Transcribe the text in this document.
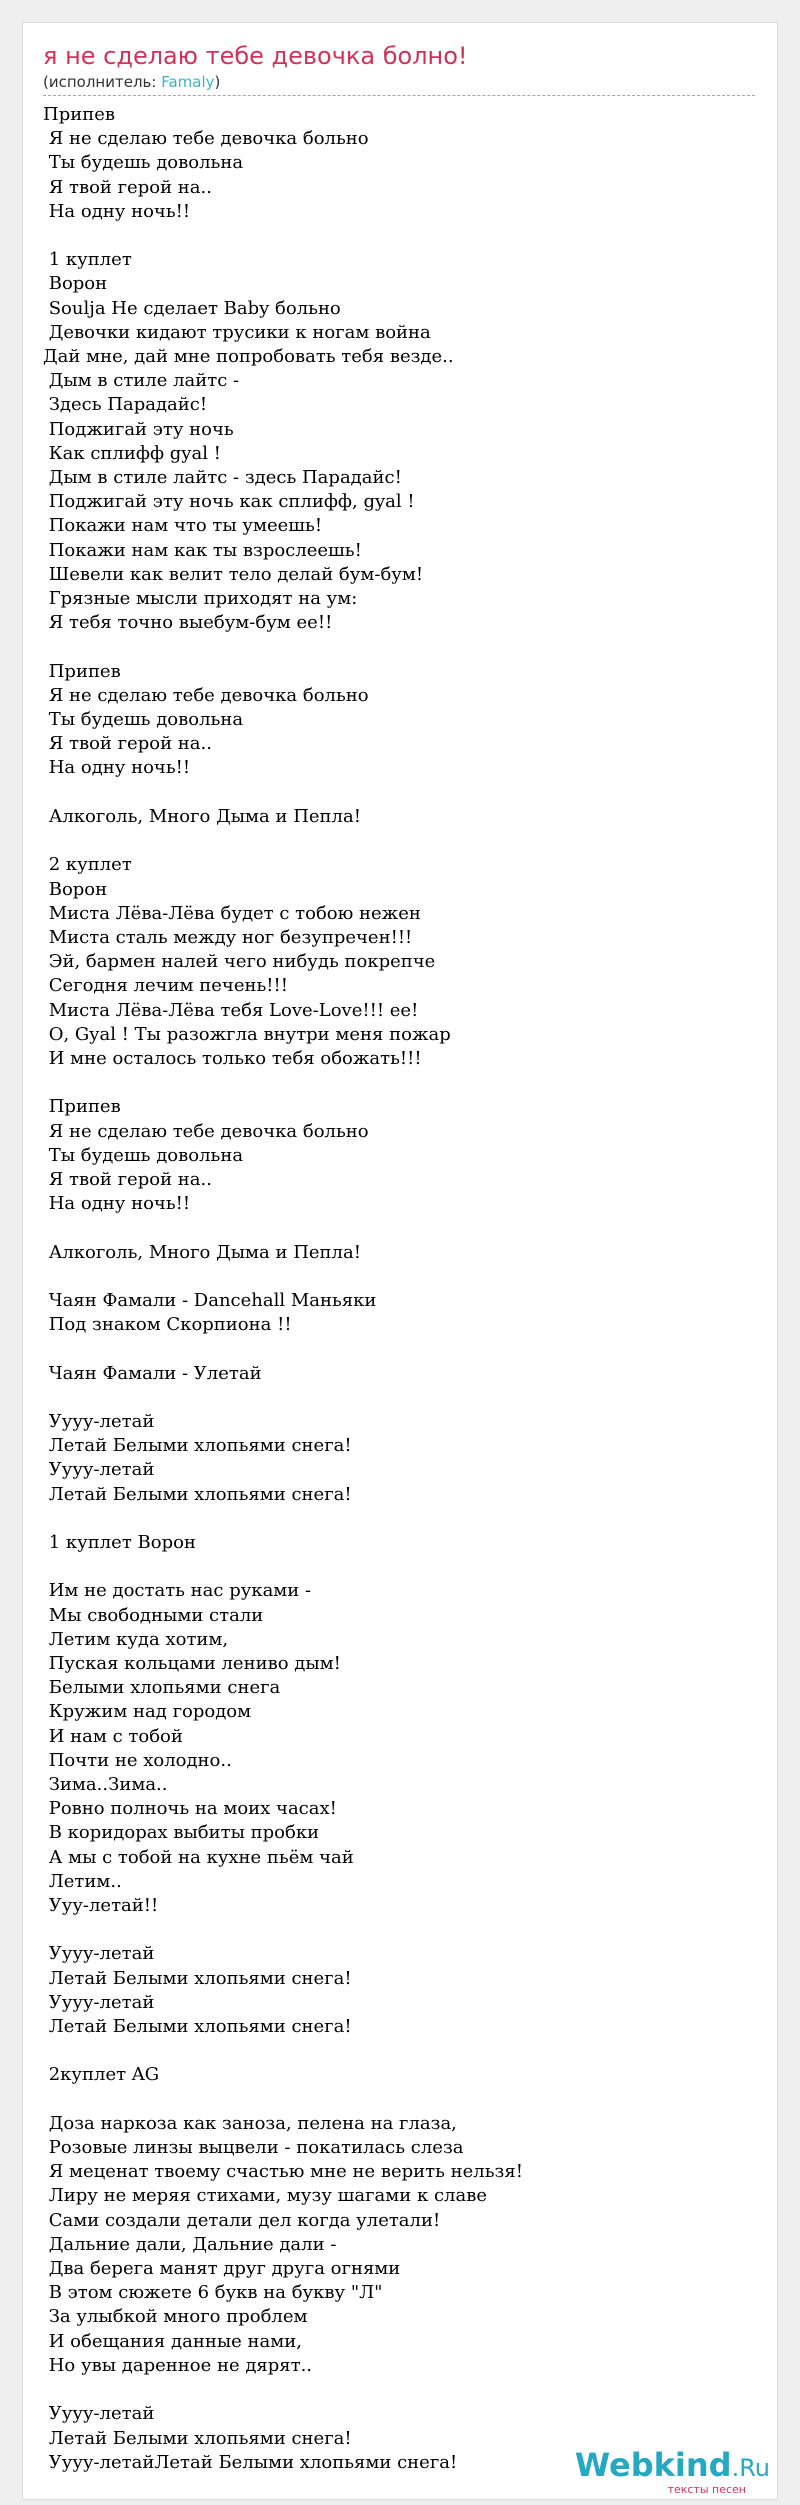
я не сделаю тебе девочка болно!
(исполнитель: Famaly)
Припев
Я не сделаю тебе девочка больно
Ты будешь довольна
Я твой герой на..
На одну ночь!!

1 куплет
Ворон
Soulja Не сделает Baby больно
Девочки кидают трусики к ногам война
Дай мне, дай мне попробовать тебя везде..
Дым в стиле лайтс -
Здесь Парадайс!
Поджигай эту ночь
Как сплифф gyal !
Дым в стиле лайтс - здесь Парадайс!
Поджигай эту ночь как сплифф, gyal !
Покажи нам что ты умеешь!
Покажи нам как ты взрослеешь!
Шевели как велит тело делай бум-бум!
Грязные мысли приходят на ум:
Я тебя точно выебум-бум ее!!

Припев
Я не сделаю тебе девочка больно
Ты будешь довольна
Я твой герой на..
На одну ночь!!

Алкоголь, Много Дыма и Пепла!

2 куплет
Ворон
Миста Лёва-Лёва будет с тобою нежен
Миста сталь между ног безупречен!!!
Эй, бармен налей чего нибудь покрепче
Сегодня лечим печень!!!
Миста Лёва-Лёва тебя Love-Love!!! ее!
О, Gyal ! Ты разожгла внутри меня пожар
И мне осталось только тебя обожать!!!

Припев
Я не сделаю тебе девочка больно
Ты будешь довольна
Я твой герой на..
На одну ночь!!

Алкоголь, Много Дыма и Пепла!

Чаян Фамали - Dancehall Маньяки
Под знаком Скорпиона !!

Чаян Фамали - Улетай

Уууу-летай
Летай Белыми хлопьями снега!
Уууу-летай
Летай Белыми хлопьями снега!

1 куплет Ворон

Им не достать нас руками -
Мы свободными стали
Летим куда хотим,
Пуская кольцами лениво дым!
Белыми хлопьями снега
Кружим над городом
И нам с тобой
Почти не холодно..
Зима..Зима..
Ровно полночь на моих часах!
В коридорах выбиты пробки
А мы с тобой на кухне пьём чай
Летим..
Ууу-летай!!

Уууу-летай
Летай Белыми хлопьями снега!
Уууу-летай
Летай Белыми хлопьями снега!

2куплет AG

Доза наркоза как заноза, пелена на глаза,
Розовые линзы выцвели - покатилась слеза
Я меценат твоему счастью мне не верить нельзя!
Лиру не меряя стихами, музу шагами к славе
Сами создали детали дел когда улетали!
Дальние дали, Дальние дали -
Два берега манят друг друга огнями
В этом сюжете 6 букв на букву "Л"
За улыбкой много проблем
И обещания данные нами,
Но увы даренное не дярят..

Уууу-летай
Летай Белыми хлопьями снега!
Уууу-летайЛетай Белыми хлопьями снега!	Webkind.Ru
тексты песен
